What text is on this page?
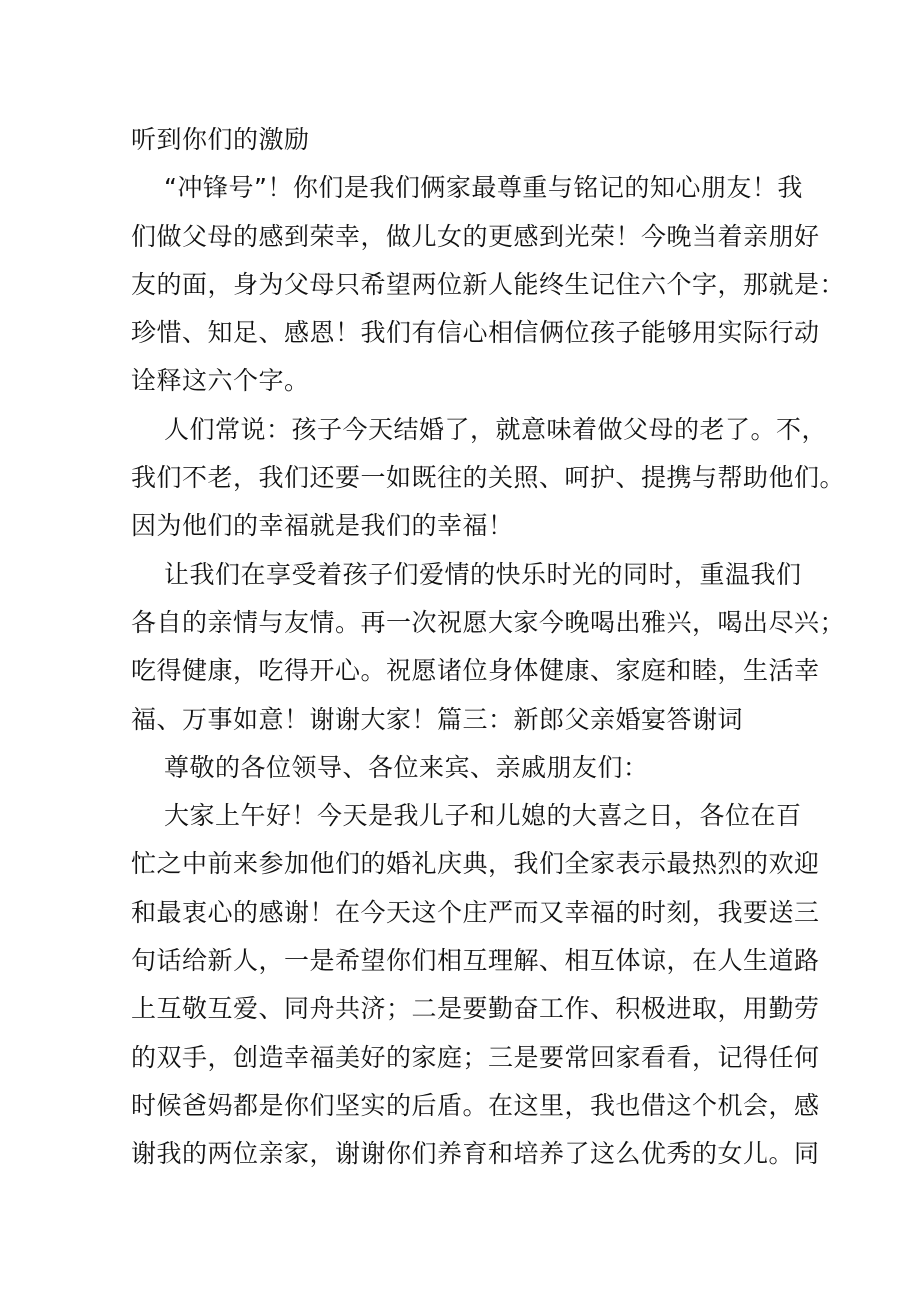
听到你们的激励
“冲锋号”！你们是我们俩家最尊重与铭记的知心朋友！我
们做父母的感到荣幸，做儿女的更感到光荣！今晚当着亲朋好
友的面，身为父母只希望两位新人能终生记住六个字，那就是：
珍惜、知足、感恩！我们有信心相信俩位孩子能够用实际行动
诠释这六个字。
人们常说：孩子今天结婚了，就意味着做父母的老了。不，
我们不老，我们还要一如既往的关照、呵护、提携与帮助他们。
因为他们的幸福就是我们的幸福！
让我们在享受着孩子们爱情的快乐时光的同时，重温我们
各自的亲情与友情。再一次祝愿大家今晚喝出雅兴，喝出尽兴；
吃得健康，吃得开心。祝愿诸位身体健康、家庭和睦，生活幸
福、万事如意！谢谢大家！篇三：新郎父亲婚宴答谢词
尊敬的各位领导、各位来宾、亲戚朋友们：
大家上午好！今天是我儿子和儿媳的大喜之日，各位在百
忙之中前来参加他们的婚礼庆典，我们全家表示最热烈的欢迎
和最衷心的感谢！在今天这个庄严而又幸福的时刻，我要送三
句话给新人，一是希望你们相互理解、相互体谅，在人生道路
上互敬互爱、同舟共济；二是要勤奋工作、积极进取，用勤劳
的双手，创造幸福美好的家庭；三是要常回家看看，记得任何
时候爸妈都是你们坚实的后盾。在这里，我也借这个机会，感
谢我的两位亲家，谢谢你们养育和培养了这么优秀的女儿。同
